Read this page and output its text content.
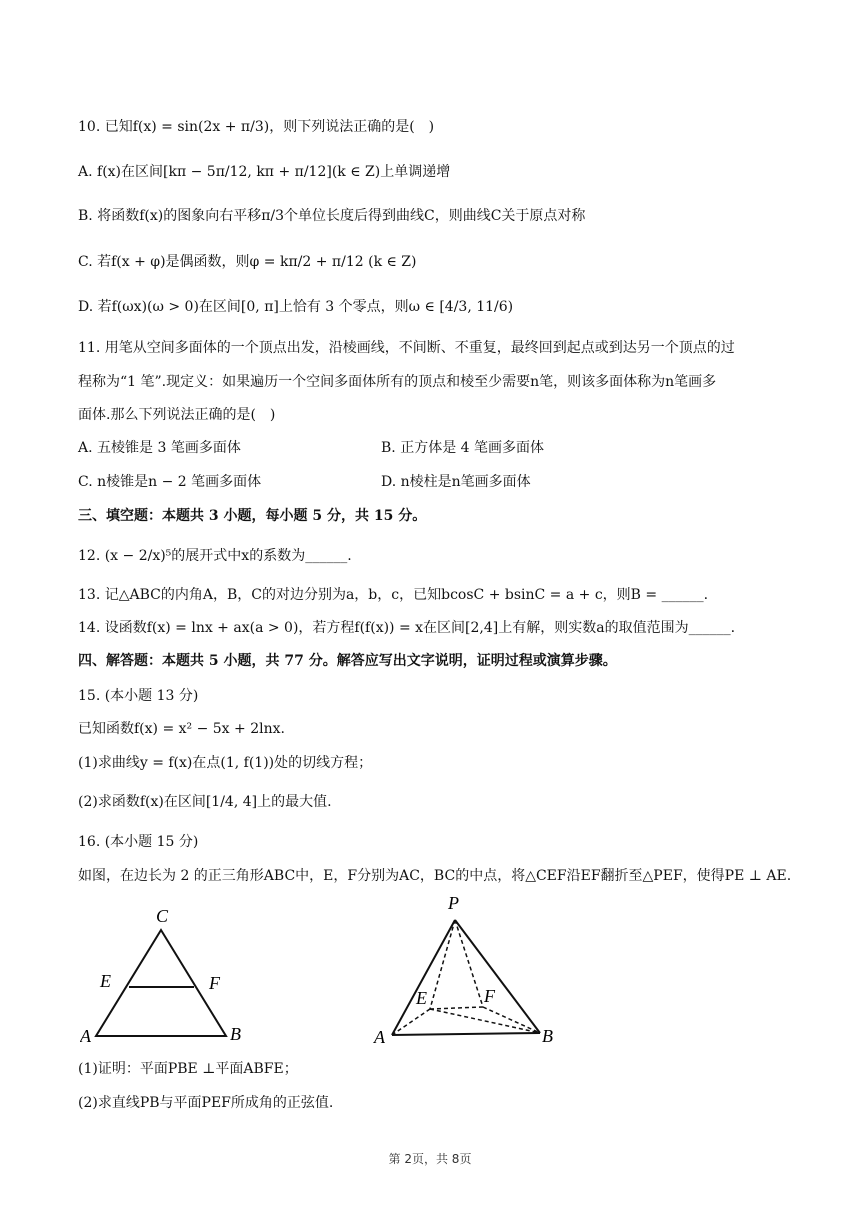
10. 已知f(x) = sin(2x + π/3)，则下列说法正确的是(　)
A. f(x)在区间[kπ − 5π/12, kπ + π/12](k ∈ Z)上单调递增
B. 将函数f(x)的图象向右平移π/3个单位长度后得到曲线C，则曲线C关于原点对称
C. 若f(x + φ)是偶函数，则φ = kπ/2 + π/12 (k ∈ Z)
D. 若f(ωx)(ω > 0)在区间[0, π]上恰有 3 个零点，则ω ∈ [4/3, 11/6)
11. 用笔从空间多面体的一个顶点出发，沿棱画线，不间断、不重复，最终回到起点或到达另一个顶点的过
程称为“1 笔”.现定义：如果遍历一个空间多面体所有的顶点和棱至少需要n笔，则该多面体称为n笔画多
面体.那么下列说法正确的是(　)
A. 五棱锥是 3 笔画多面体	B. 正方体是 4 笔画多面体
C. n棱锥是n − 2 笔画多面体	D. n棱柱是n笔画多面体
三、填空题：本题共 3 小题，每小题 5 分，共 15 分。
12. (x − 2/x)⁵的展开式中x的系数为______.
13. 记△ABC的内角A，B，C的对边分别为a，b，c，已知bcosC + bsinC = a + c，则B = ______.
14. 设函数f(x) = lnx + ax(a > 0)，若方程f(f(x)) = x在区间[2,4]上有解，则实数a的取值范围为______.
四、解答题：本题共 5 小题，共 77 分。解答应写出文字说明，证明过程或演算步骤。
15. (本小题 13 分)
已知函数f(x) = x² − 5x + 2lnx.
(1)求曲线y = f(x)在点(1, f(1))处的切线方程；
(2)求函数f(x)在区间[1/4, 4]上的最大值.
16. (本小题 15 分)
如图，在边长为 2 的正三角形ABC中，E，F分别为AC，BC的中点，将△CEF沿EF翻折至△PEF，使得PE ⊥ AE.
C
E	F
A	B
P
E	F
A	B
(1)证明：平面PBE ⊥平面ABFE；
(2)求直线PB与平面PEF所成角的正弦值.
第 2页，共 8页
